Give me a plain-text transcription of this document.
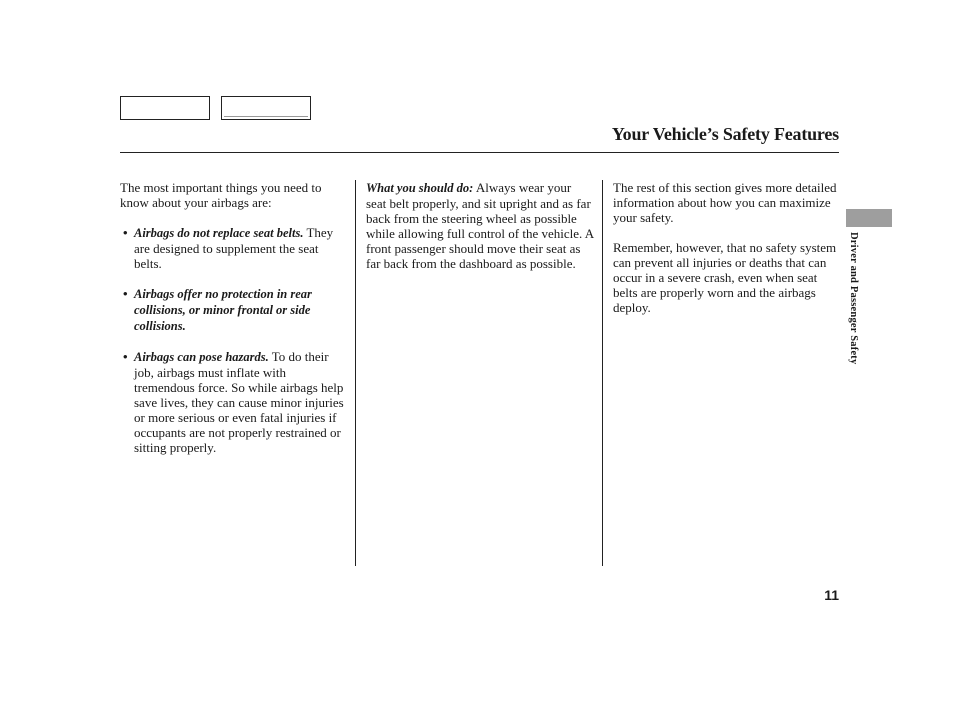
Your Vehicle’s Safety Features

The most important things you need to know about your airbags are:

• Airbags do not replace seat belts. They are designed to supplement the seat belts.

• Airbags offer no protection in rear collisions, or minor frontal or side collisions.

• Airbags can pose hazards. To do their job, airbags must inflate with tremendous force. So while airbags help save lives, they can cause minor injuries or more serious or even fatal injuries if occupants are not properly restrained or sitting properly.

What you should do: Always wear your seat belt properly, and sit upright and as far back from the steering wheel as possible while allowing full control of the vehicle. A front passenger should move their seat as far back from the dashboard as possible.

The rest of this section gives more detailed information about how you can maximize your safety.

Remember, however, that no safety system can prevent all injuries or deaths that can occur in a severe crash, even when seat belts are properly worn and the airbags deploy.	Driver and Passenger Safety
11
